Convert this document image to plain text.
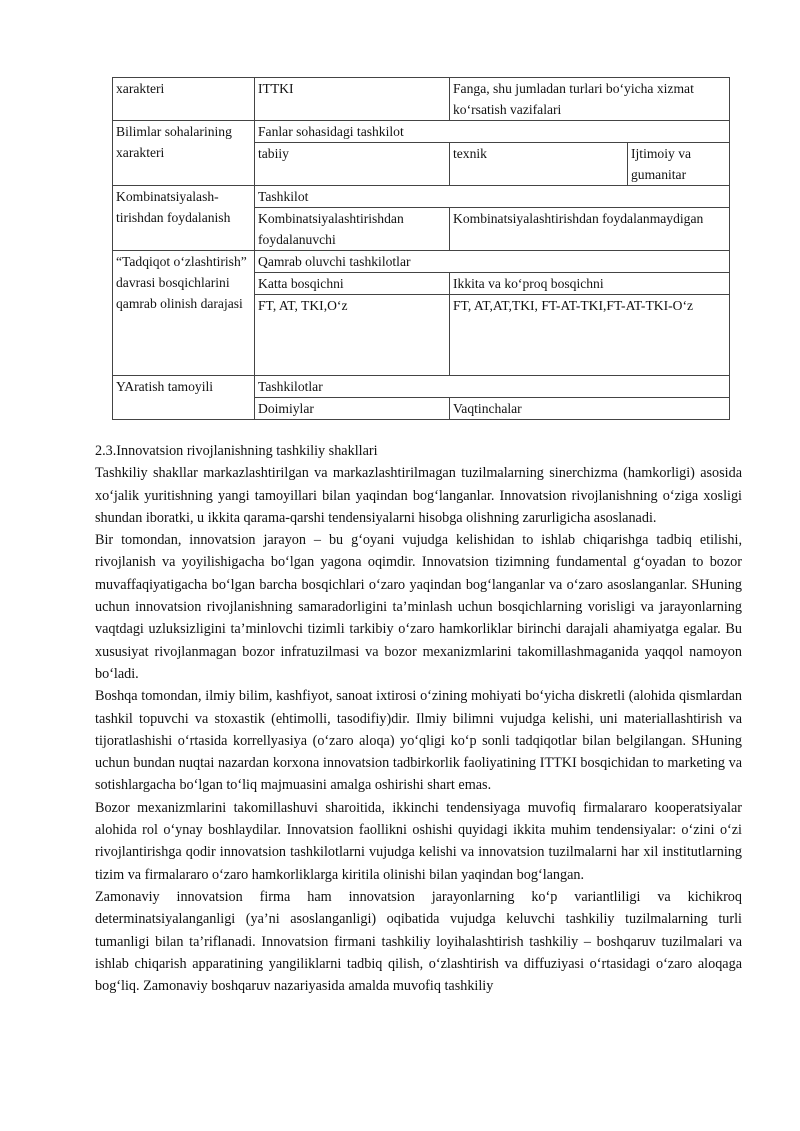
xarakteri	ITTKI	Fanga, shu jumladan turlari bo‘yicha xizmat ko‘rsatish vazifalari	
Bilimlar sohalarining xarakteri	Fanlar sohasidagi tashkilot		
	tabiiy	texnik	Ijtimoiy va gumanitar
Kombinatsiyalash-tirishdan foydalanish	Tashkilot		
	Kombinatsiyalashtirishdan foydalanuvchi	Kombinatsiyalashtirishdan foydalanmaydigan	
“Tadqiqot o‘zlashtirish” davrasi bosqichlarini qamrab olinish darajasi	Qamrab oluvchi tashkilotlar		
	Katta bosqichni	Ikkita va ko‘proq bosqichni	
	FT, AT, TKI,O‘z	FT, AT,AT,TKI, FT-AT-TKI,FT-AT-TKI-O‘z	
YAratish tamoyili	Tashkilotlar		
	Doimiylar	Vaqtinchalar	

2.3.Innovatsion rivojlanishning tashkiliy shakllari

Tashkiliy shakllar markazlashtirilgan va markazlashtirilmagan tuzilmalarning sinerchizma (hamkorligi) asosida xo‘jalik yuritishning yangi tamoyillari bilan yaqindan bog‘langanlar. Innovatsion rivojlanishning o‘ziga xosligi shundan iboratki, u ikkita qarama-qarshi tendensiyalarni hisobga olishning zarurligicha asoslanadi.

Bir tomondan, innovatsion jarayon – bu g‘oyani vujudga kelishidan to ishlab chiqarishga tadbiq etilishi, rivojlanish va yoyilishigacha bo‘lgan yagona oqimdir. Innovatsion tizimning fundamental g‘oyadan to bozor muvaffaqiyatigacha bo‘lgan barcha bosqichlari o‘zaro yaqindan bog‘langanlar va o‘zaro asoslanganlar. SHuning uchun innovatsion rivojlanishning samaradorligini ta’minlash uchun bosqichlarning vorisligi va jarayonlarning vaqtdagi uzluksizligini ta’minlovchi tizimli tarkibiy o‘zaro hamkorliklar birinchi darajali ahamiyatga egalar. Bu xususiyat rivojlanmagan bozor infratuzilmasi va bozor mexanizmlarini takomillashmaganida yaqqol namoyon bo‘ladi.

Boshqa tomondan, ilmiy bilim, kashfiyot, sanoat ixtirosi o‘zining mohiyati bo‘yicha diskretli (alohida qismlardan tashkil topuvchi va stoxastik (ehtimolli, tasodifiy)dir. Ilmiy bilimni vujudga kelishi, uni materiallashtirish va tijoratlashishi o‘rtasida korrellyasiya (o‘zaro aloqa) yo‘qligi ko‘p sonli tadqiqotlar bilan belgilangan. SHuning uchun bundan nuqtai nazardan korxona innovatsion tadbirkorlik faoliyatining ITTKI bosqichidan to marketing va sotishlargacha bo‘lgan to‘liq majmuasini amalga oshirishi shart emas.

Bozor mexanizmlarini takomillashuvi sharoitida, ikkinchi tendensiyaga muvofiq firmalararo kooperatsiyalar alohida rol o‘ynay boshlaydilar. Innovatsion faollikni oshishi quyidagi ikkita muhim tendensiyalar: o‘zini o‘zi rivojlantirishga qodir innovatsion tashkilotlarni vujudga kelishi va innovatsion tuzilmalarni har xil institutlarning tizim va firmalararo o‘zaro hamkorliklarga kiritila olinishi bilan yaqindan bog‘langan.

Zamonaviy innovatsion firma ham innovatsion jarayonlarning ko‘p variantliligi va kichikroq determinatsiyalanganligi (ya’ni asoslanganligi) oqibatida vujudga keluvchi tashkiliy tuzilmalarning turli tumanligi bilan ta’riflanadi. Innovatsion firmani tashkiliy loyihalashtirish tashkiliy – boshqaruv tuzilmalari va ishlab chiqarish apparatining yangiliklarni tadbiq qilish, o‘zlashtirish va diffuziyasi o‘rtasidagi o‘zaro aloqaga bog‘liq. Zamonaviy boshqaruv nazariyasida amalda muvofiq tashkiliy
